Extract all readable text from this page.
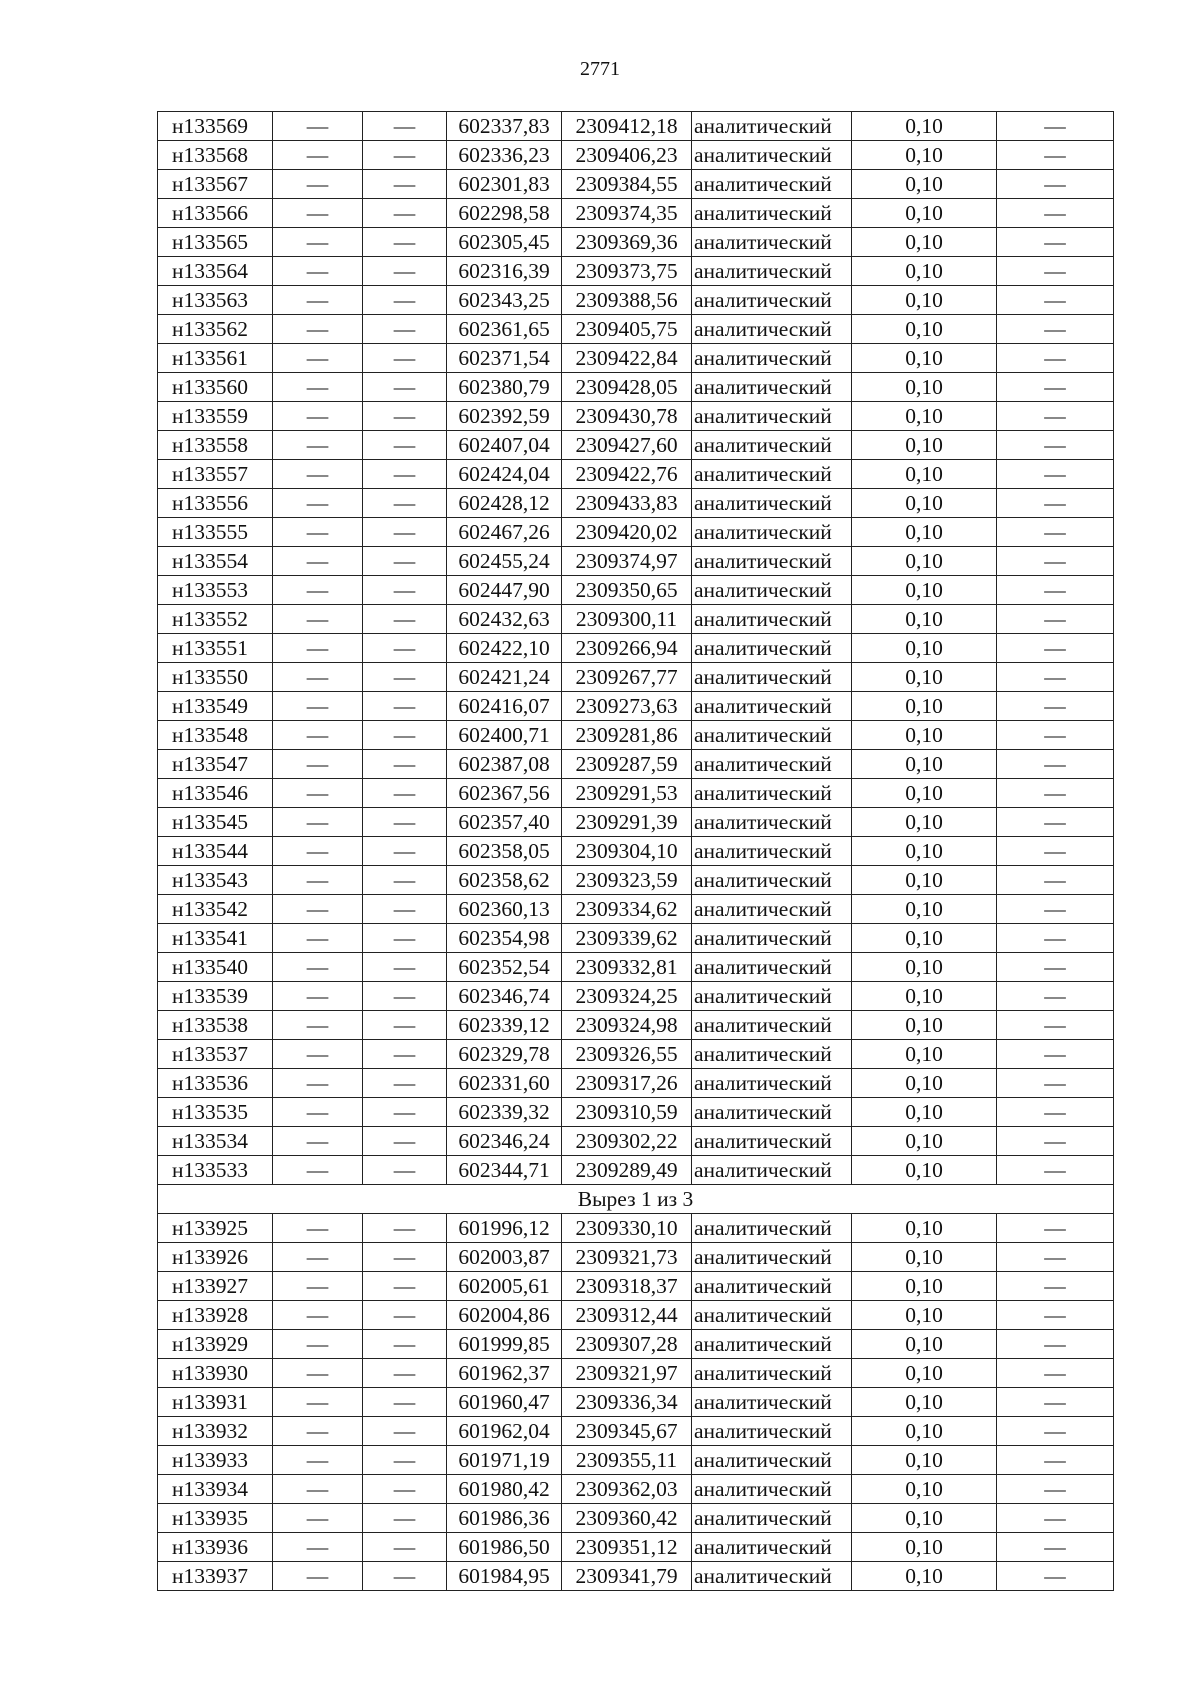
2771
н133569	—	—	602337,83	2309412,18	аналитический	0,10	—
н133568	—	—	602336,23	2309406,23	аналитический	0,10	—
н133567	—	—	602301,83	2309384,55	аналитический	0,10	—
н133566	—	—	602298,58	2309374,35	аналитический	0,10	—
н133565	—	—	602305,45	2309369,36	аналитический	0,10	—
н133564	—	—	602316,39	2309373,75	аналитический	0,10	—
н133563	—	—	602343,25	2309388,56	аналитический	0,10	—
н133562	—	—	602361,65	2309405,75	аналитический	0,10	—
н133561	—	—	602371,54	2309422,84	аналитический	0,10	—
н133560	—	—	602380,79	2309428,05	аналитический	0,10	—
н133559	—	—	602392,59	2309430,78	аналитический	0,10	—
н133558	—	—	602407,04	2309427,60	аналитический	0,10	—
н133557	—	—	602424,04	2309422,76	аналитический	0,10	—
н133556	—	—	602428,12	2309433,83	аналитический	0,10	—
н133555	—	—	602467,26	2309420,02	аналитический	0,10	—
н133554	—	—	602455,24	2309374,97	аналитический	0,10	—
н133553	—	—	602447,90	2309350,65	аналитический	0,10	—
н133552	—	—	602432,63	2309300,11	аналитический	0,10	—
н133551	—	—	602422,10	2309266,94	аналитический	0,10	—
н133550	—	—	602421,24	2309267,77	аналитический	0,10	—
н133549	—	—	602416,07	2309273,63	аналитический	0,10	—
н133548	—	—	602400,71	2309281,86	аналитический	0,10	—
н133547	—	—	602387,08	2309287,59	аналитический	0,10	—
н133546	—	—	602367,56	2309291,53	аналитический	0,10	—
н133545	—	—	602357,40	2309291,39	аналитический	0,10	—
н133544	—	—	602358,05	2309304,10	аналитический	0,10	—
н133543	—	—	602358,62	2309323,59	аналитический	0,10	—
н133542	—	—	602360,13	2309334,62	аналитический	0,10	—
н133541	—	—	602354,98	2309339,62	аналитический	0,10	—
н133540	—	—	602352,54	2309332,81	аналитический	0,10	—
н133539	—	—	602346,74	2309324,25	аналитический	0,10	—
н133538	—	—	602339,12	2309324,98	аналитический	0,10	—
н133537	—	—	602329,78	2309326,55	аналитический	0,10	—
н133536	—	—	602331,60	2309317,26	аналитический	0,10	—
н133535	—	—	602339,32	2309310,59	аналитический	0,10	—
н133534	—	—	602346,24	2309302,22	аналитический	0,10	—
н133533	—	—	602344,71	2309289,49	аналитический	0,10	—
Вырез 1 из 3							
н133925	—	—	601996,12	2309330,10	аналитический	0,10	—
н133926	—	—	602003,87	2309321,73	аналитический	0,10	—
н133927	—	—	602005,61	2309318,37	аналитический	0,10	—
н133928	—	—	602004,86	2309312,44	аналитический	0,10	—
н133929	—	—	601999,85	2309307,28	аналитический	0,10	—
н133930	—	—	601962,37	2309321,97	аналитический	0,10	—
н133931	—	—	601960,47	2309336,34	аналитический	0,10	—
н133932	—	—	601962,04	2309345,67	аналитический	0,10	—
н133933	—	—	601971,19	2309355,11	аналитический	0,10	—
н133934	—	—	601980,42	2309362,03	аналитический	0,10	—
н133935	—	—	601986,36	2309360,42	аналитический	0,10	—
н133936	—	—	601986,50	2309351,12	аналитический	0,10	—
н133937	—	—	601984,95	2309341,79	аналитический	0,10	—
